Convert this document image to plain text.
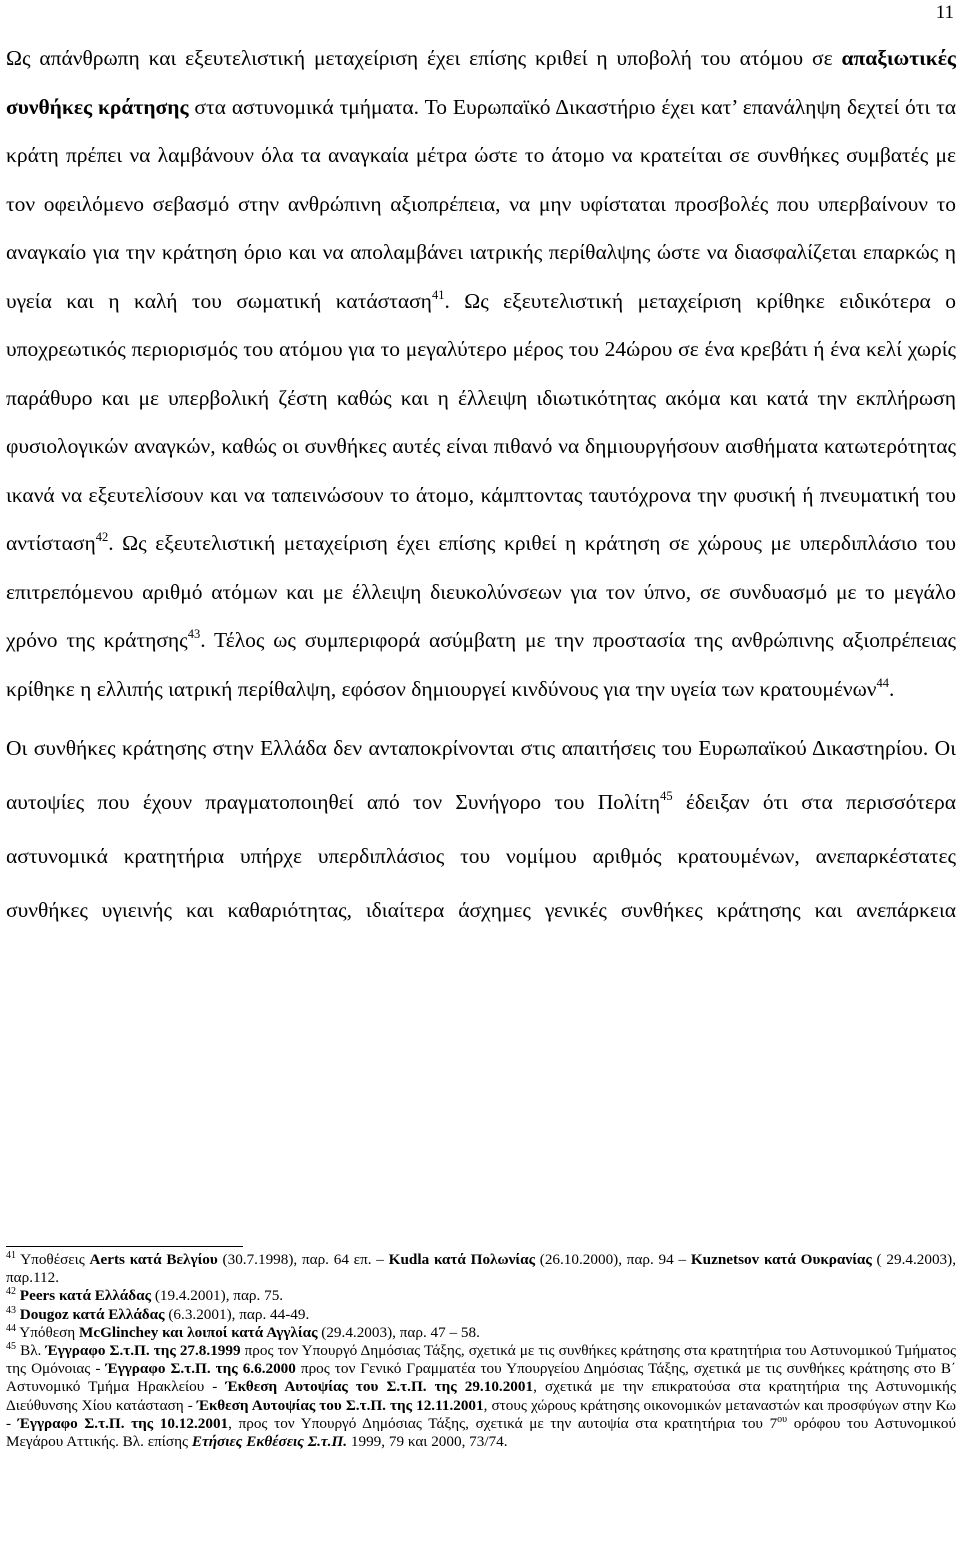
11

Ως απάνθρωπη και εξευτελιστική μεταχείριση έχει επίσης κριθεί η υποβολή του ατόμου σε απαξιωτικές συνθήκες κράτησης στα αστυνομικά τμήματα. Το Ευρωπαϊκό Δικαστήριο έχει κατ’ επανάληψη δεχτεί ότι τα κράτη πρέπει να λαμβάνουν όλα τα αναγκαία μέτρα ώστε το άτομο να κρατείται σε συνθήκες συμβατές με τον οφειλόμενο σεβασμό στην ανθρώπινη αξιοπρέπεια, να μην υφίσταται προσβολές που υπερβαίνουν το αναγκαίο για την κράτηση όριο και να απολαμβάνει ιατρικής περίθαλψης ώστε να διασφαλίζεται επαρκώς η υγεία και η καλή του σωματική κατάσταση$^{41}$. Ως εξευτελιστική μεταχείριση κρίθηκε ειδικότερα ο υποχρεωτικός περιορισμός του ατόμου για το μεγαλύτερο μέρος του 24ώρου σε ένα κρεβάτι ή ένα κελί χωρίς παράθυρο και με υπερβολική ζέστη καθώς και η έλλειψη ιδιωτικότητας ακόμα και κατά την εκπλήρωση φυσιολογικών αναγκών, καθώς οι συνθήκες αυτές είναι πιθανό να δημιουργήσουν αισθήματα κατωτερότητας ικανά να εξευτελίσουν και να ταπεινώσουν το άτομο, κάμπτοντας ταυτόχρονα την φυσική ή πνευματική του αντίσταση$^{42}$. Ως εξευτελιστική μεταχείριση έχει επίσης κριθεί η κράτηση σε χώρους με υπερδιπλάσιο του επιτρεπόμενου αριθμό ατόμων και με έλλειψη διευκολύνσεων για τον ύπνο, σε συνδυασμό με το μεγάλο χρόνο της κράτησης$^{43}$. Τέλος ως συμπεριφορά ασύμβατη με την προστασία της ανθρώπινης αξιοπρέπειας κρίθηκε η ελλιπής ιατρική περίθαλψη, εφόσον δημιουργεί κινδύνους για την υγεία των κρατουμένων$^{44}$.

Οι συνθήκες κράτησης στην Ελλάδα δεν ανταποκρίνονται στις απαιτήσεις του Ευρωπαϊκού Δικαστηρίου. Οι αυτοψίες που έχουν πραγματοποιηθεί από τον Συνήγορο του Πολίτη$^{45}$ έδειξαν ότι στα περισσότερα αστυνομικά κρατητήρια υπήρχε υπερδιπλάσιος του νομίμου αριθμός κρατουμένων, ανεπαρκέστατες συνθήκες υγιεινής και καθαριότητας, ιδιαίτερα άσχημες γενικές συνθήκες κράτησης και ανεπάρκεια

$^{41}$ Υποθέσεις Aerts κατά Βελγίου (30.7.1998), παρ. 64 επ. – Kudla κατά Πολωνίας (26.10.2000), παρ. 94 – Kuznetsov κατά Ουκρανίας ( 29.4.2003), παρ.112.

$^{42}$ Peers κατά Ελλάδας (19.4.2001), παρ. 75.

$^{43}$ Dougoz κατά Ελλάδας (6.3.2001), παρ. 44-49.

$^{44}$ Υπόθεση McGlinchey και λοιποί κατά Αγγλίας (29.4.2003), παρ. 47 – 58.

$^{45}$ Βλ. Έγγραφο Σ.τ.Π. της 27.8.1999 προς τον Υπουργό Δημόσιας Τάξης, σχετικά με τις συνθήκες κράτησης στα κρατητήρια του Αστυνομικού Τμήματος της Ομόνοιας - Έγγραφο Σ.τ.Π. της 6.6.2000 προς τον Γενικό Γραμματέα του Υπουργείου Δημόσιας Τάξης, σχετικά με τις συνθήκες κράτησης στο Β΄ Αστυνομικό Τμήμα Ηρακλείου - Έκθεση Αυτοψίας του Σ.τ.Π. της 29.10.2001, σχετικά με την επικρατούσα στα κρατητήρια της Αστυνομικής Διεύθυνσης Χίου κατάσταση - Έκθεση Αυτοψίας του Σ.τ.Π. της 12.11.2001, στους χώρους κράτησης οικονομικών μεταναστών και προσφύγων στην Κω - Έγγραφο Σ.τ.Π. της 10.12.2001, προς τον Υπουργό Δημόσιας Τάξης, σχετικά με την αυτοψία στα κρατητήρια του $7^{o\upsilon}$ ορόφου του Αστυνομικού Μεγάρου Αττικής. Βλ. επίσης Ετήσιες Εκθέσεις Σ.τ.Π. 1999, 79 και 2000, 73/74.
